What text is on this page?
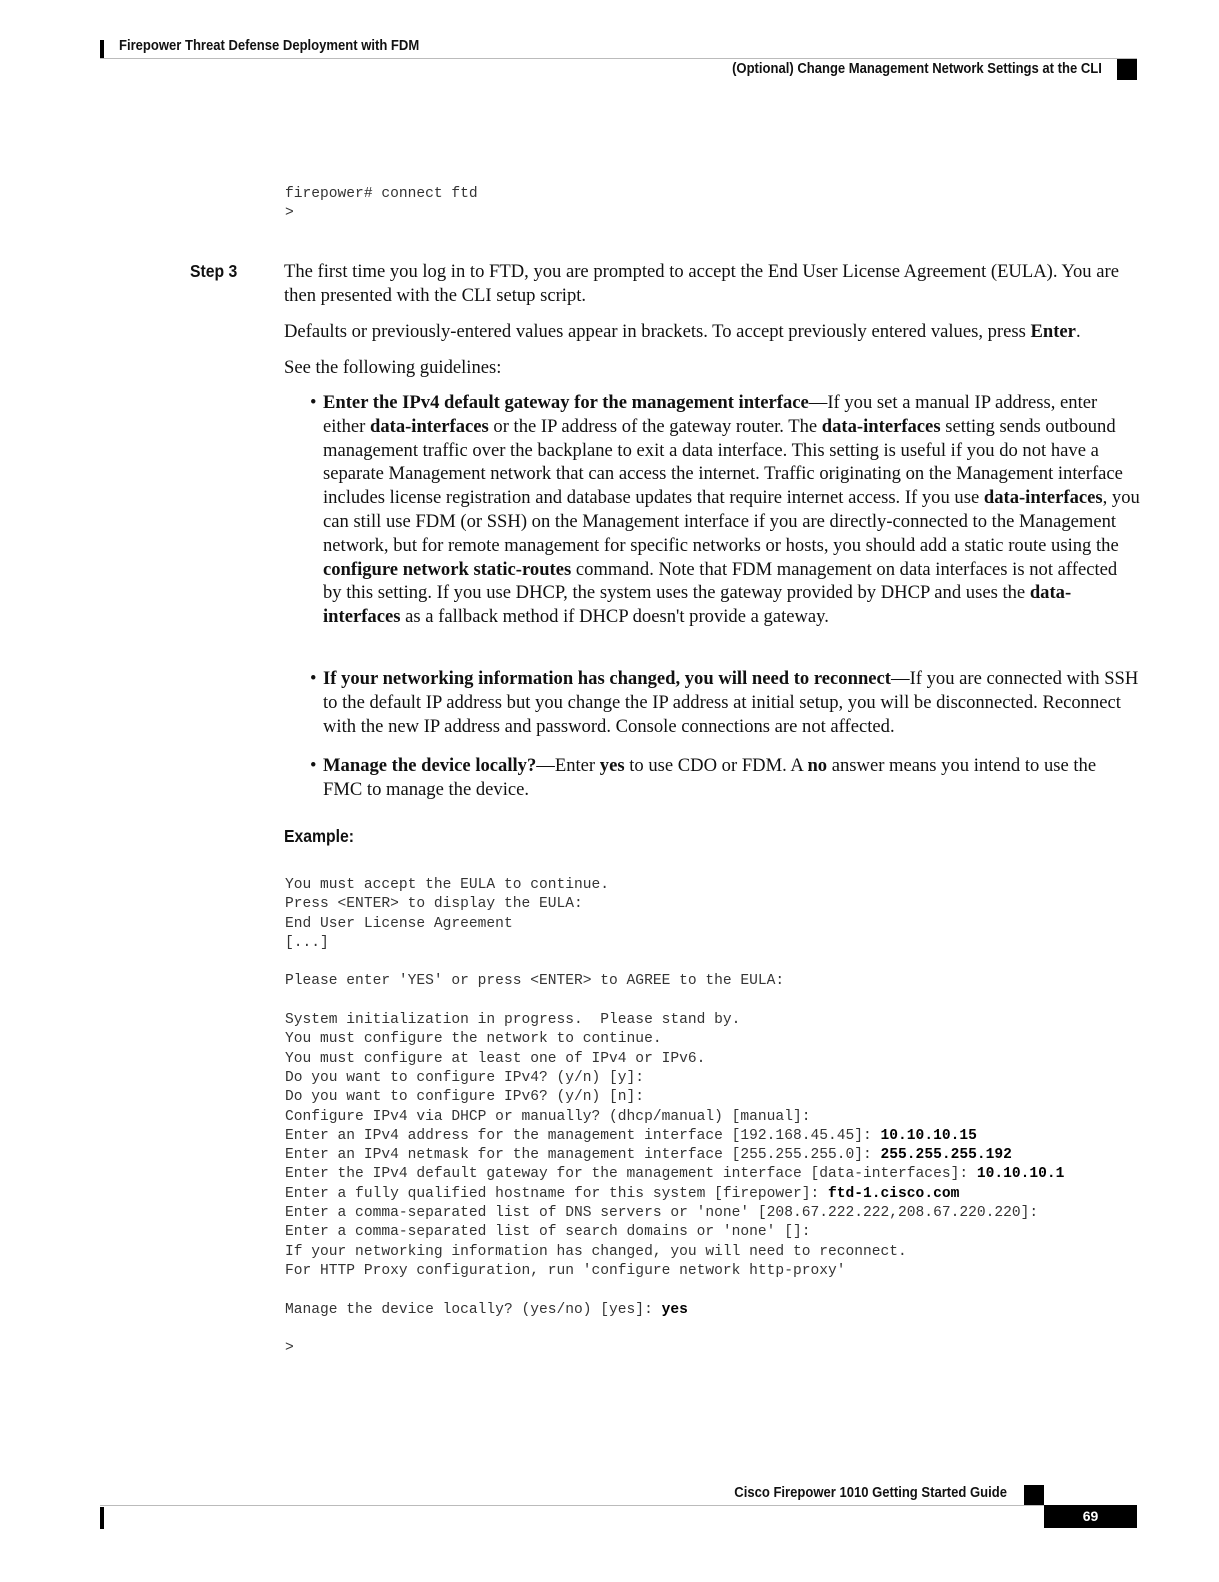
Firepower Threat Defense Deployment with FDM
(Optional) Change Management Network Settings at the CLI
firepower# connect ftd
>
Step 3	The first time you log in to FTD, you are prompted to accept the End User License Agreement (EULA). You are then presented with the CLI setup script.

Defaults or previously-entered values appear in brackets. To accept previously entered values, press Enter.

See the following guidelines:

• Enter the IPv4 default gateway for the management interface—If you set a manual IP address, enter either data-interfaces or the IP address of the gateway router. The data-interfaces setting sends outbound management traffic over the backplane to exit a data interface. This setting is useful if you do not have a separate Management network that can access the internet. Traffic originating on the Management interface includes license registration and database updates that require internet access. If you use data-interfaces, you can still use FDM (or SSH) on the Management interface if you are directly-connected to the Management network, but for remote management for specific networks or hosts, you should add a static route using the configure network static-routes command. Note that FDM management on data interfaces is not affected by this setting. If you use DHCP, the system uses the gateway provided by DHCP and uses the data-interfaces as a fallback method if DHCP doesn't provide a gateway.
• If your networking information has changed, you will need to reconnect—If you are connected with SSH to the default IP address but you change the IP address at initial setup, you will be disconnected. Reconnect with the new IP address and password. Console connections are not affected.
• Manage the device locally?—Enter yes to use CDO or FDM. A no answer means you intend to use the FMC to manage the device.
Example:
You must accept the EULA to continue.
Press <ENTER> to display the EULA:
End User License Agreement
[...]

Please enter 'YES' or press <ENTER> to AGREE to the EULA:

System initialization in progress.  Please stand by.
You must configure the network to continue.
You must configure at least one of IPv4 or IPv6.
Do you want to configure IPv4? (y/n) [y]:
Do you want to configure IPv6? (y/n) [n]:
Configure IPv4 via DHCP or manually? (dhcp/manual) [manual]:
Enter an IPv4 address for the management interface [192.168.45.45]: 10.10.10.15
Enter an IPv4 netmask for the management interface [255.255.255.0]: 255.255.255.192
Enter the IPv4 default gateway for the management interface [data-interfaces]: 10.10.10.1
Enter a fully qualified hostname for this system [firepower]: ftd-1.cisco.com
Enter a comma-separated list of DNS servers or 'none' [208.67.222.222,208.67.220.220]:
Enter a comma-separated list of search domains or 'none' []:
If your networking information has changed, you will need to reconnect.
For HTTP Proxy configuration, run 'configure network http-proxy'

Manage the device locally? (yes/no) [yes]: yes

>
Cisco Firepower 1010 Getting Started Guide
69
